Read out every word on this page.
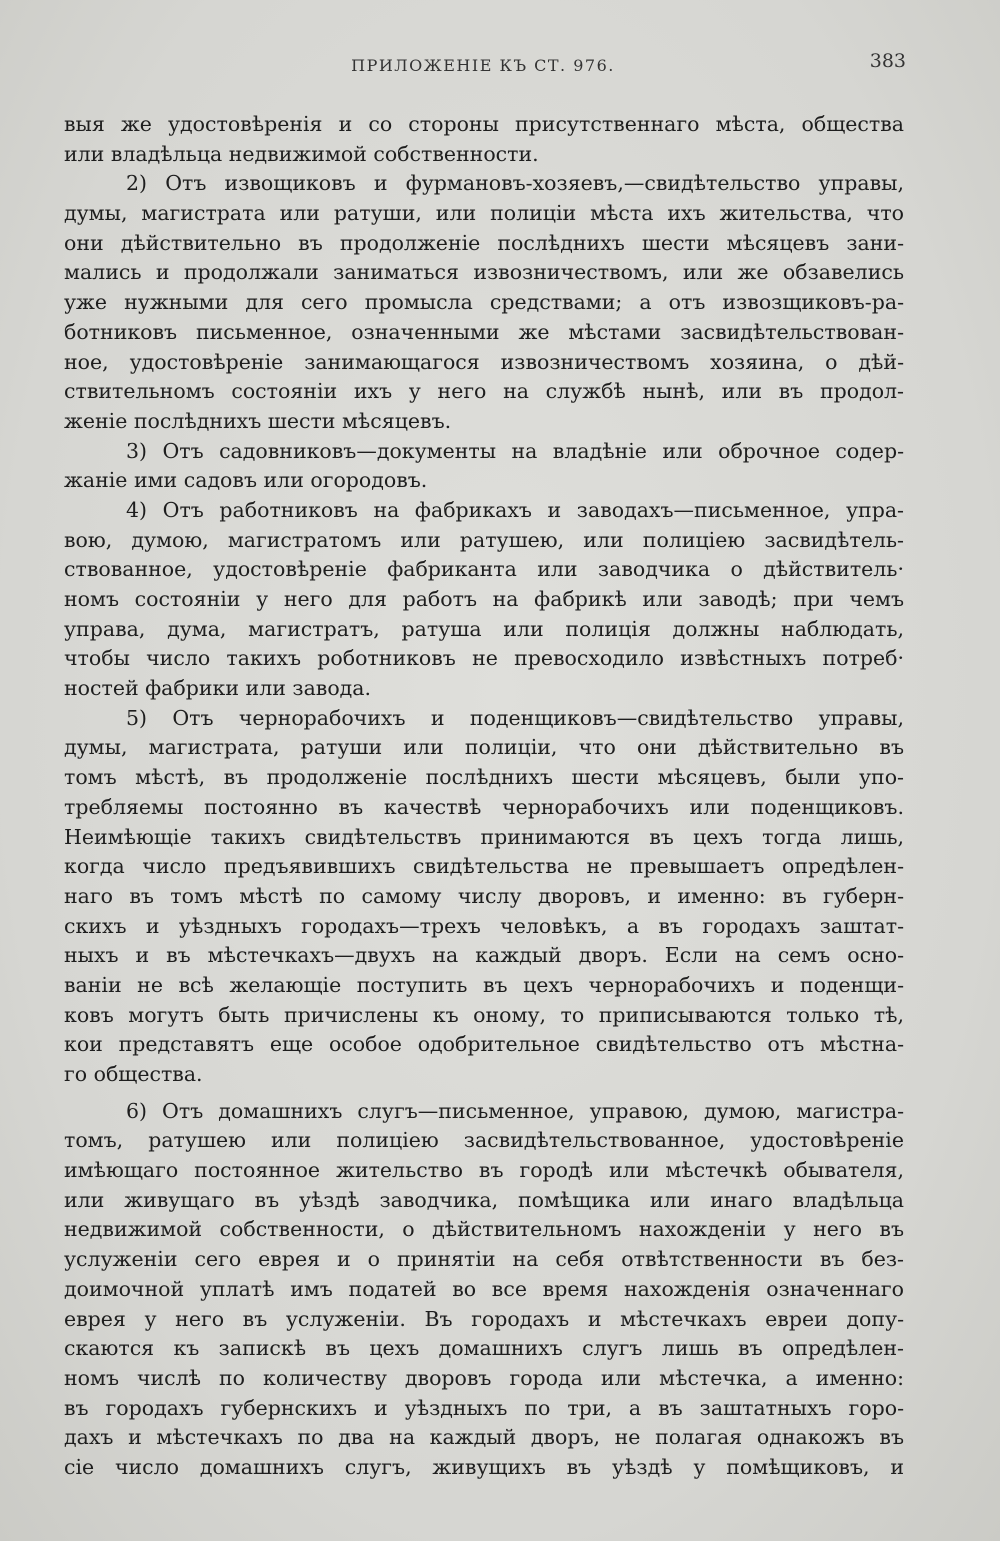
ПРИЛОЖЕНІЕ КЪ СТ. 976.	383
выя же удостовѣренія и со стороны присутственнаго мѣста, общества
или владѣльца недвижимой собственности.
2) Отъ извощиковъ и фурмановъ-хозяевъ,—свидѣтельство управы,
думы, магистрата или ратуши, или полиціи мѣста ихъ жительства, что
они дѣйствительно въ продолженіе послѣднихъ шести мѣсяцевъ зани-
мались и продолжали заниматься извозничествомъ, или же обзавелись
уже нужными для сего промысла средствами; а отъ извозщиковъ-ра-
ботниковъ письменное, означенными же мѣстами засвидѣтельствован-
ное, удостовѣреніе занимающагося извозничествомъ хозяина, о дѣй-
ствительномъ состояніи ихъ у него на службѣ нынѣ, или въ продол-
женіе послѣднихъ шести мѣсяцевъ.
3) Отъ садовниковъ—документы на владѣніе или оброчное содер-
жаніе ими садовъ или огородовъ.
4) Отъ работниковъ на фабрикахъ и заводахъ—письменное, упра-
вою, думою, магистратомъ или ратушею, или полиціею засвидѣтель-
ствованное, удостовѣреніе фабриканта или заводчика о дѣйствитель·
номъ состояніи у него для работъ на фабрикѣ или заводѣ; при чемъ
управа, дума, магистратъ, ратуша или полиція должны наблюдать,
чтобы число такихъ роботниковъ не превосходило извѣстныхъ потреб·
ностей фабрики или завода.
5) Отъ чернорабочихъ и поденщиковъ—свидѣтельство управы,
думы, магистрата, ратуши или полиціи, что они дѣйствительно въ
томъ мѣстѣ, въ продолженіе послѣднихъ шести мѣсяцевъ, были упо-
требляемы постоянно въ качествѣ чернорабочихъ или поденщиковъ.
Неимѣющіе такихъ свидѣтельствъ принимаются въ цехъ тогда лишь,
когда число предъявившихъ свидѣтельства не превышаетъ опредѣлен-
наго въ томъ мѣстѣ по самому числу дворовъ, и именно: въ губерн-
скихъ и уѣздныхъ городахъ—трехъ человѣкъ, а въ городахъ заштат-
ныхъ и въ мѣстечкахъ—двухъ на каждый дворъ. Если на семъ осно-
ваніи не всѣ желающіе поступить въ цехъ чернорабочихъ и поденщи-
ковъ могутъ быть причислены къ оному, то приписываются только тѣ,
кои представятъ еще особое одобрительное свидѣтельство отъ мѣстна-
го общества.
6) Отъ домашнихъ слугъ—письменное, управою, думою, магистра-
томъ, ратушею или полиціею засвидѣтельствованное, удостовѣреніе
имѣющаго постоянное жительство въ городѣ или мѣстечкѣ обывателя,
или живущаго въ уѣздѣ заводчика, помѣщика или инаго владѣльца
недвижимой собственности, о дѣйствительномъ нахожденіи у него въ
услуженіи сего еврея и о принятіи на себя отвѣтственности въ без-
доимочной уплатѣ имъ податей во все время нахожденія означеннаго
еврея у него въ услуженіи. Въ городахъ и мѣстечкахъ евреи допу-
скаются къ запискѣ въ цехъ домашнихъ слугъ лишь въ опредѣлен-
номъ числѣ по количеству дворовъ города или мѣстечка, а именно:
въ городахъ губернскихъ и уѣздныхъ по три, а въ заштатныхъ горо-
дахъ и мѣстечкахъ по два на каждый дворъ, не полагая однакожъ въ
сіе число домашнихъ слугъ, живущихъ въ уѣздѣ у помѣщиковъ, и
